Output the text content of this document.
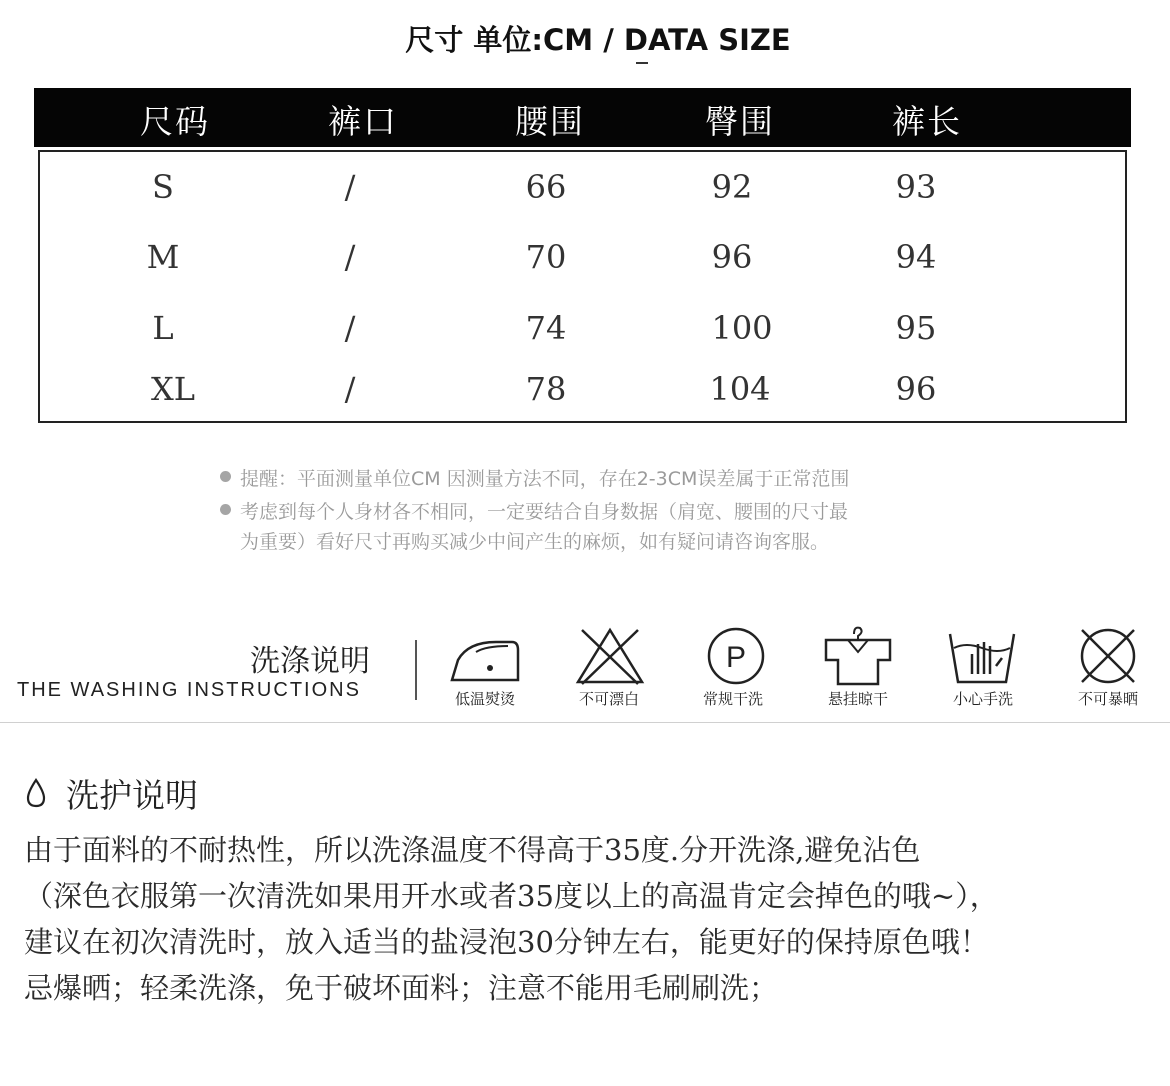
尺寸 单位:CM / DATA SIZE
尺码	裤口	腰围	臀围	裤长
S	/	66	92	93
M	/	70	96	94
L	/	74	100	95
XL	/	78	104	96
提醒：平面测量单位CM 因测量方法不同，存在2-3CM误差属于正常范围
考虑到每个人身材各不相同，一定要结合自身数据（肩宽、腰围的尺寸最
为重要）看好尺寸再购买减少中间产生的麻烦，如有疑问请咨询客服。
洗涤说明
THE WASHING INSTRUCTIONS	低温熨烫	不可漂白
P
常规干洗	悬挂晾干	小心手洗	不可暴晒
洗护说明
由于面料的不耐热性，所以洗涤温度不得高于35度.分开洗涤,避免沾色
（深色衣服第一次清洗如果用开水或者35度以上的高温肯定会掉色的哦~），
建议在初次清洗时，放入适当的盐浸泡30分钟左右，能更好的保持原色哦！
忌爆晒；轻柔洗涤，免于破坏面料；注意不能用毛刷刷洗；
